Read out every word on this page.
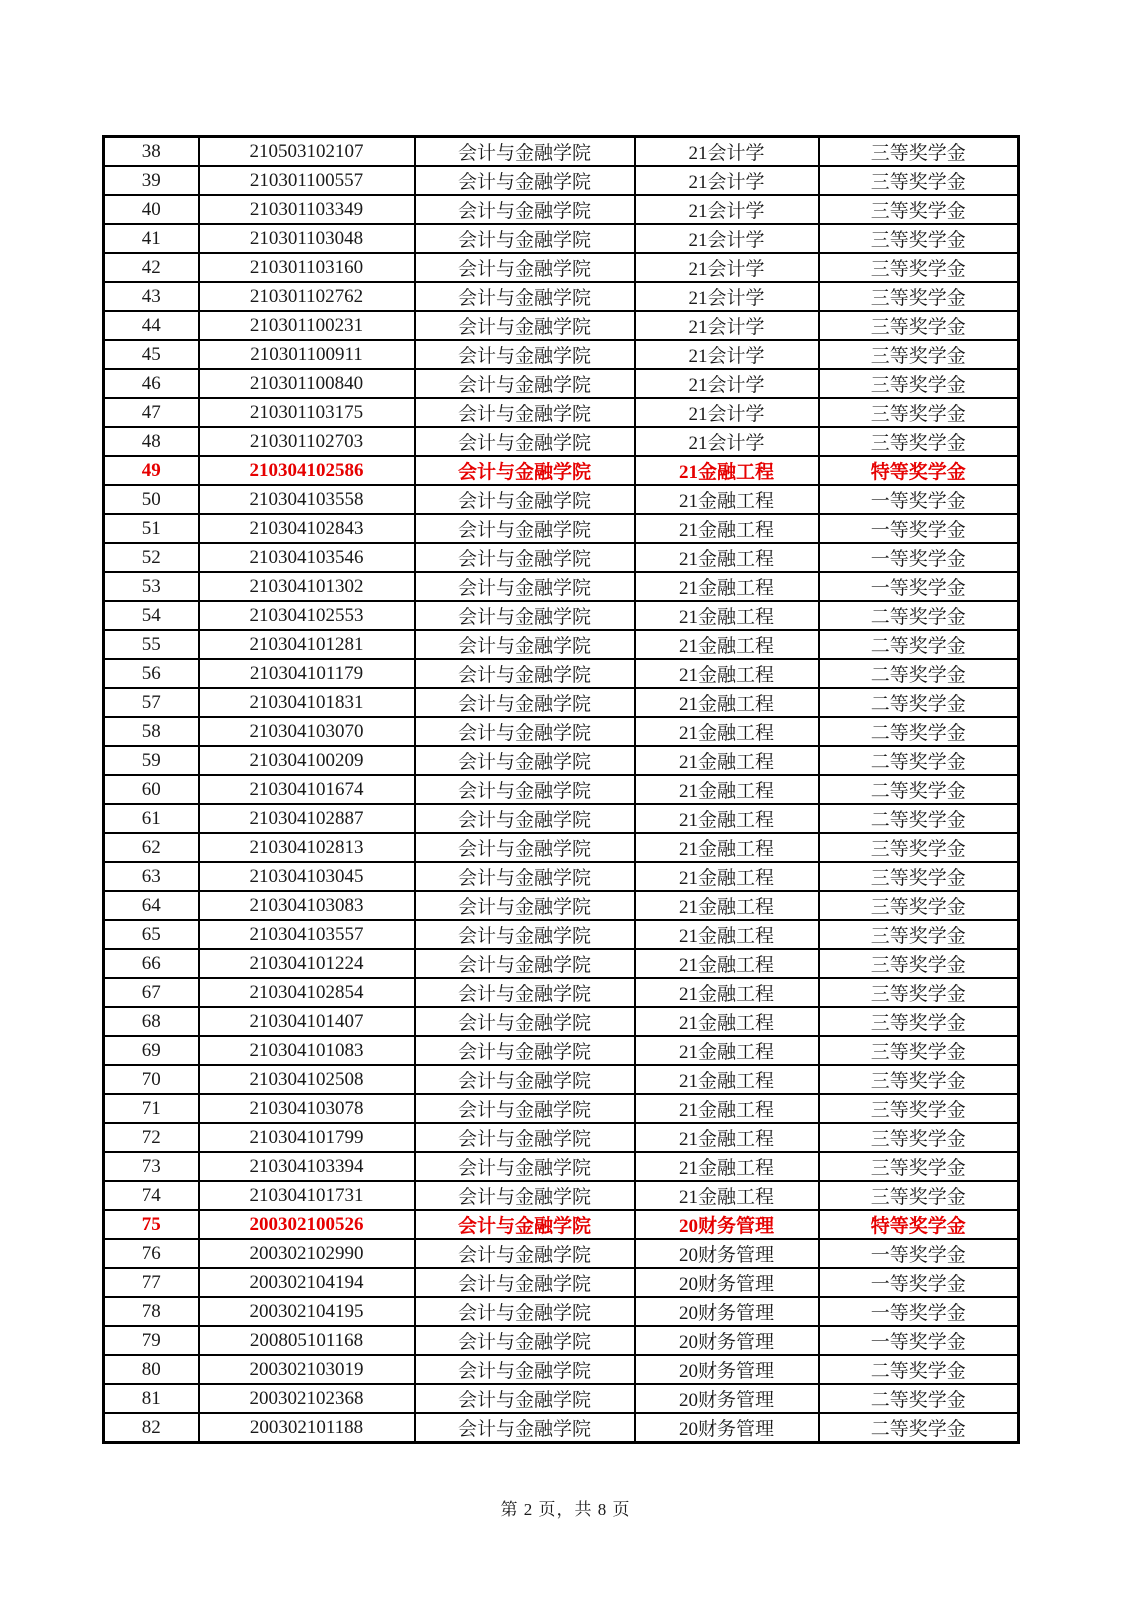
38	210503102107	会计与金融学院	21会计学	三等奖学金
39	210301100557	会计与金融学院	21会计学	三等奖学金
40	210301103349	会计与金融学院	21会计学	三等奖学金
41	210301103048	会计与金融学院	21会计学	三等奖学金
42	210301103160	会计与金融学院	21会计学	三等奖学金
43	210301102762	会计与金融学院	21会计学	三等奖学金
44	210301100231	会计与金融学院	21会计学	三等奖学金
45	210301100911	会计与金融学院	21会计学	三等奖学金
46	210301100840	会计与金融学院	21会计学	三等奖学金
47	210301103175	会计与金融学院	21会计学	三等奖学金
48	210301102703	会计与金融学院	21会计学	三等奖学金
49	210304102586	会计与金融学院	21金融工程	特等奖学金
50	210304103558	会计与金融学院	21金融工程	一等奖学金
51	210304102843	会计与金融学院	21金融工程	一等奖学金
52	210304103546	会计与金融学院	21金融工程	一等奖学金
53	210304101302	会计与金融学院	21金融工程	一等奖学金
54	210304102553	会计与金融学院	21金融工程	二等奖学金
55	210304101281	会计与金融学院	21金融工程	二等奖学金
56	210304101179	会计与金融学院	21金融工程	二等奖学金
57	210304101831	会计与金融学院	21金融工程	二等奖学金
58	210304103070	会计与金融学院	21金融工程	二等奖学金
59	210304100209	会计与金融学院	21金融工程	二等奖学金
60	210304101674	会计与金融学院	21金融工程	二等奖学金
61	210304102887	会计与金融学院	21金融工程	二等奖学金
62	210304102813	会计与金融学院	21金融工程	三等奖学金
63	210304103045	会计与金融学院	21金融工程	三等奖学金
64	210304103083	会计与金融学院	21金融工程	三等奖学金
65	210304103557	会计与金融学院	21金融工程	三等奖学金
66	210304101224	会计与金融学院	21金融工程	三等奖学金
67	210304102854	会计与金融学院	21金融工程	三等奖学金
68	210304101407	会计与金融学院	21金融工程	三等奖学金
69	210304101083	会计与金融学院	21金融工程	三等奖学金
70	210304102508	会计与金融学院	21金融工程	三等奖学金
71	210304103078	会计与金融学院	21金融工程	三等奖学金
72	210304101799	会计与金融学院	21金融工程	三等奖学金
73	210304103394	会计与金融学院	21金融工程	三等奖学金
74	210304101731	会计与金融学院	21金融工程	三等奖学金
75	200302100526	会计与金融学院	20财务管理	特等奖学金
76	200302102990	会计与金融学院	20财务管理	一等奖学金
77	200302104194	会计与金融学院	20财务管理	一等奖学金
78	200302104195	会计与金融学院	20财务管理	一等奖学金
79	200805101168	会计与金融学院	20财务管理	一等奖学金
80	200302103019	会计与金融学院	20财务管理	二等奖学金
81	200302102368	会计与金融学院	20财务管理	二等奖学金
82	200302101188	会计与金融学院	20财务管理	二等奖学金
第 2 页，共 8 页
